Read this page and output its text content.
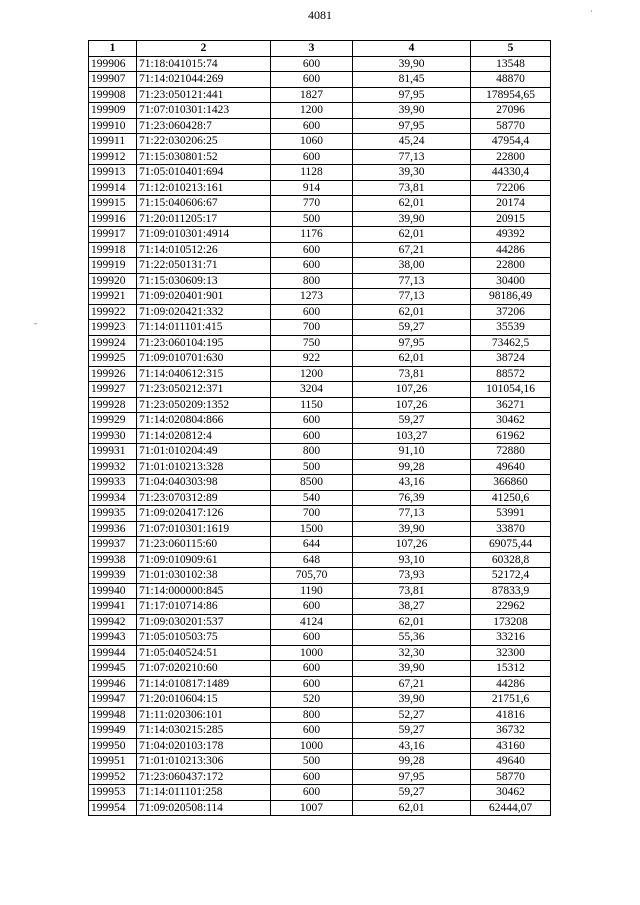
4081	·
-
1	2	3	4	5
199906	71:18:041015:74	600	39,90	13548
199907	71:14:021044:269	600	81,45	48870
199908	71:23:050121:441	1827	97,95	178954,65
199909	71:07:010301:1423	1200	39,90	27096
199910	71:23:060428:7	600	97,95	58770
199911	71:22:030206:25	1060	45,24	47954,4
199912	71:15:030801:52	600	77,13	22800
199913	71:05:010401:694	1128	39,30	44330,4
199914	71:12:010213:161	914	73,81	72206
199915	71:15:040606:67	770	62,01	20174
199916	71:20:011205:17	500	39,90	20915
199917	71:09:010301:4914	1176	62,01	49392
199918	71:14:010512:26	600	67,21	44286
199919	71:22:050131:71	600	38,00	22800
199920	71:15:030609:13	800	77,13	30400
199921	71:09:020401:901	1273	77,13	98186,49
199922	71:09:020421:332	600	62,01	37206
199923	71:14:011101:415	700	59,27	35539
199924	71:23:060104:195	750	97,95	73462,5
199925	71:09:010701:630	922	62,01	38724
199926	71:14:040612:315	1200	73,81	88572
199927	71:23:050212:371	3204	107,26	101054,16
199928	71:23:050209:1352	1150	107,26	36271
199929	71:14:020804:866	600	59,27	30462
199930	71:14:020812:4	600	103,27	61962
199931	71:01:010204:49	800	91,10	72880
199932	71:01:010213:328	500	99,28	49640
199933	71:04:040303:98	8500	43,16	366860
199934	71:23:070312:89	540	76,39	41250,6
199935	71:09:020417:126	700	77,13	53991
199936	71:07:010301:1619	1500	39,90	33870
199937	71:23:060115:60	644	107,26	69075,44
199938	71:09:010909:61	648	93,10	60328,8
199939	71:01:030102:38	705,70	73,93	52172,4
199940	71:14:000000:845	1190	73,81	87833,9
199941	71:17:010714:86	600	38,27	22962
199942	71:09:030201:537	4124	62,01	173208
199943	71:05:010503:75	600	55,36	33216
199944	71:05:040524:51	1000	32,30	32300
199945	71:07:020210:60	600	39,90	15312
199946	71:14:010817:1489	600	67,21	44286
199947	71:20:010604:15	520	39,90	21751,6
199948	71:11:020306:101	800	52,27	41816
199949	71:14:030215:285	600	59,27	36732
199950	71:04:020103:178	1000	43,16	43160
199951	71:01:010213:306	500	99,28	49640
199952	71:23:060437:172	600	97,95	58770
199953	71:14:011101:258	600	59,27	30462
199954	71:09:020508:114	1007	62,01	62444,07
